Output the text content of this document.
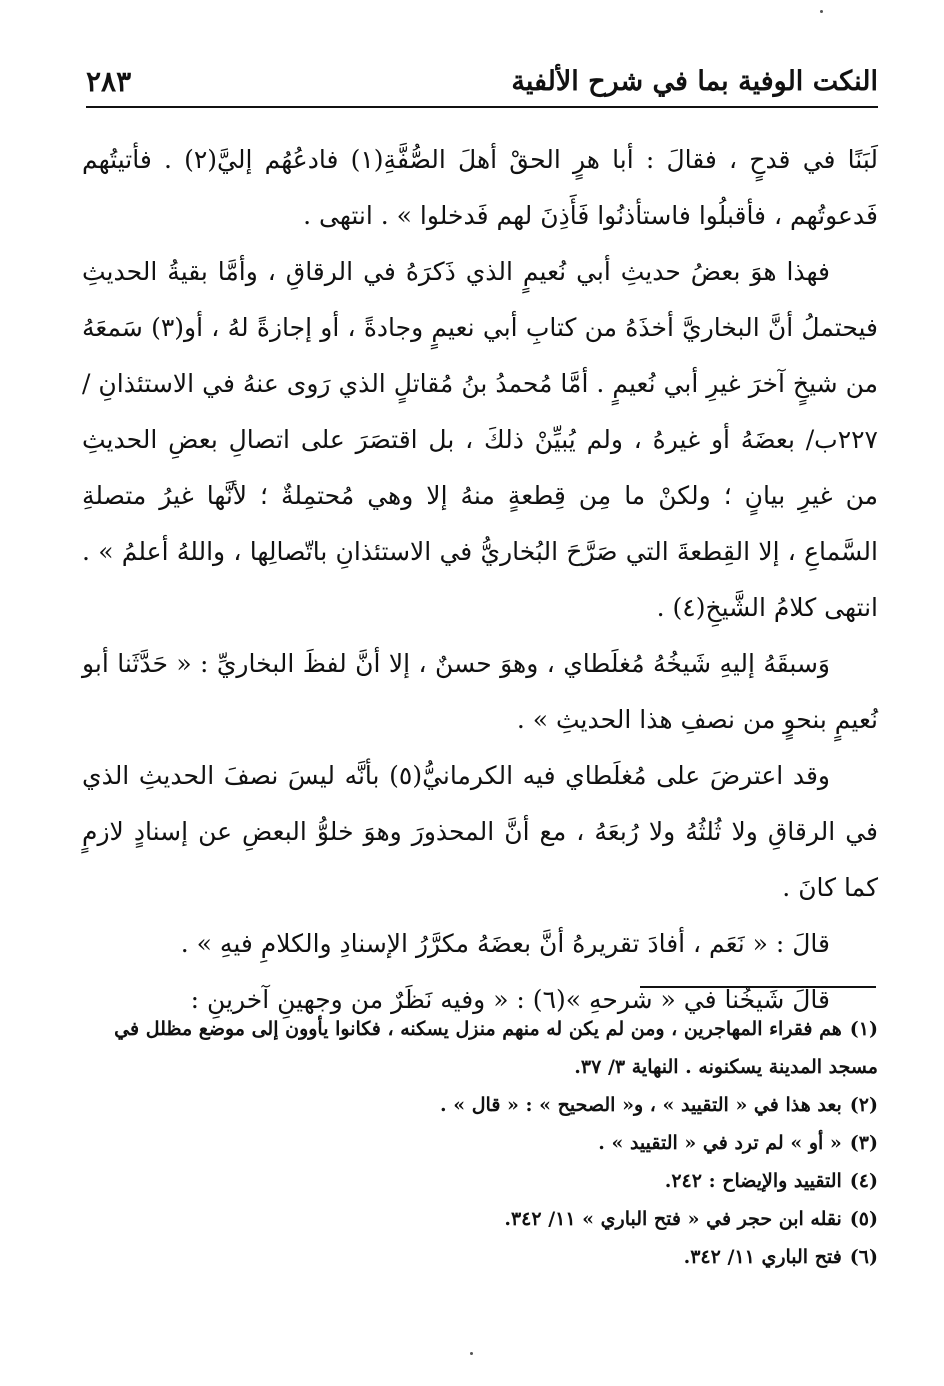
النكت الوفية بما في شرح الألفية
٢٨٣

لَبَنًا في قدحٍ ، فقالَ : أبا هرٍ الحقْ أهلَ الصُّفَّةِ(١) فادعُهُم إليَّ(٢) . فأتيتُهم فَدعوتُهم ، فأقبلُوا فاستأذنُوا فَأَذِنَ لهم فَدخلوا » . انتهى .

فهذا هوَ بعضُ حديثِ أبي نُعيمٍ الذي ذَكرَهُ في الرقاقِ ، وأمَّا بقيةُ الحديثِ فيحتملُ أنَّ البخاريَّ أخذَهُ من كتابِ أبي نعيمٍ وجادةً ، أو إجازةً لهُ ، أو(٣) سَمعَهُ من شيخٍ آخرَ غيرِ أبي نُعيمٍ . أمَّا مُحمدُ بنُ مُقاتلٍ الذي رَوى عنهُ في الاستئذانِ /٢٢٧ب/ بعضَهُ أو غيرهُ ، ولم يُبيِّنْ ذلكَ ، بل اقتصَرَ على اتصالِ بعضِ الحديثِ من غيرِ بيانٍ ؛ ولكنْ ما مِن قِطعةٍ منهُ إلا وهي مُحتمِلةٌ ؛ لأنَّها غيرُ متصلةِ السَّماعِ ، إلا القِطعةَ التي صَرَّحَ البُخاريُّ في الاستئذانِ باتّصالِها ، واللهُ أعلمُ » . انتهى كلامُ الشَّيخِ(٤) .

وَسبقَهُ إليهِ شَيخُهُ مُغلَطاي ، وهوَ حسنٌ ، إلا أنَّ لفظَ البخاريِّ : « حَدَّثَنا أبو نُعيمٍ بنحوٍ من نصفِ هذا الحديثِ » .

وقد اعترضَ على مُغلَطاي فيه الكرمانيُّ(٥) بأنَّه ليسَ نصفَ الحديثِ الذي في الرقاقِ ولا ثُلثُهُ ولا رُبعَهُ ، مع أنَّ المحذورَ وهوَ خلوُّ البعضِ عن إسنادٍ لازمٍ كما كانَ .

قالَ : « نَعَم ، أفادَ تقريرهُ أنَّ بعضَهُ مكرَّرُ الإسنادِ والكلامِ فيهِ » .

قالَ شَيخُنا في « شرحهِ »(٦) : « وفيه نَظَرٌ من وجهينِ آخرينِ :

(١)هم فقراء المهاجرين ، ومن لم يكن له منهم منزل يسكنه ، فكانوا يأوون إلى موضع مظلل في مسجد المدينة يسكنونه . النهاية ٣/ ٣٧.

(٢)بعد هذا في « التقييد » ، و« الصحيح » : « قال » .

(٣)« أو » لم ترد في « التقييد » .

(٤)التقييد والإيضاح : ٢٤٢.

(٥)نقله ابن حجر في « فتح الباري » ١١/ ٣٤٢.

(٦)فتح الباري ١١/ ٣٤٢.
